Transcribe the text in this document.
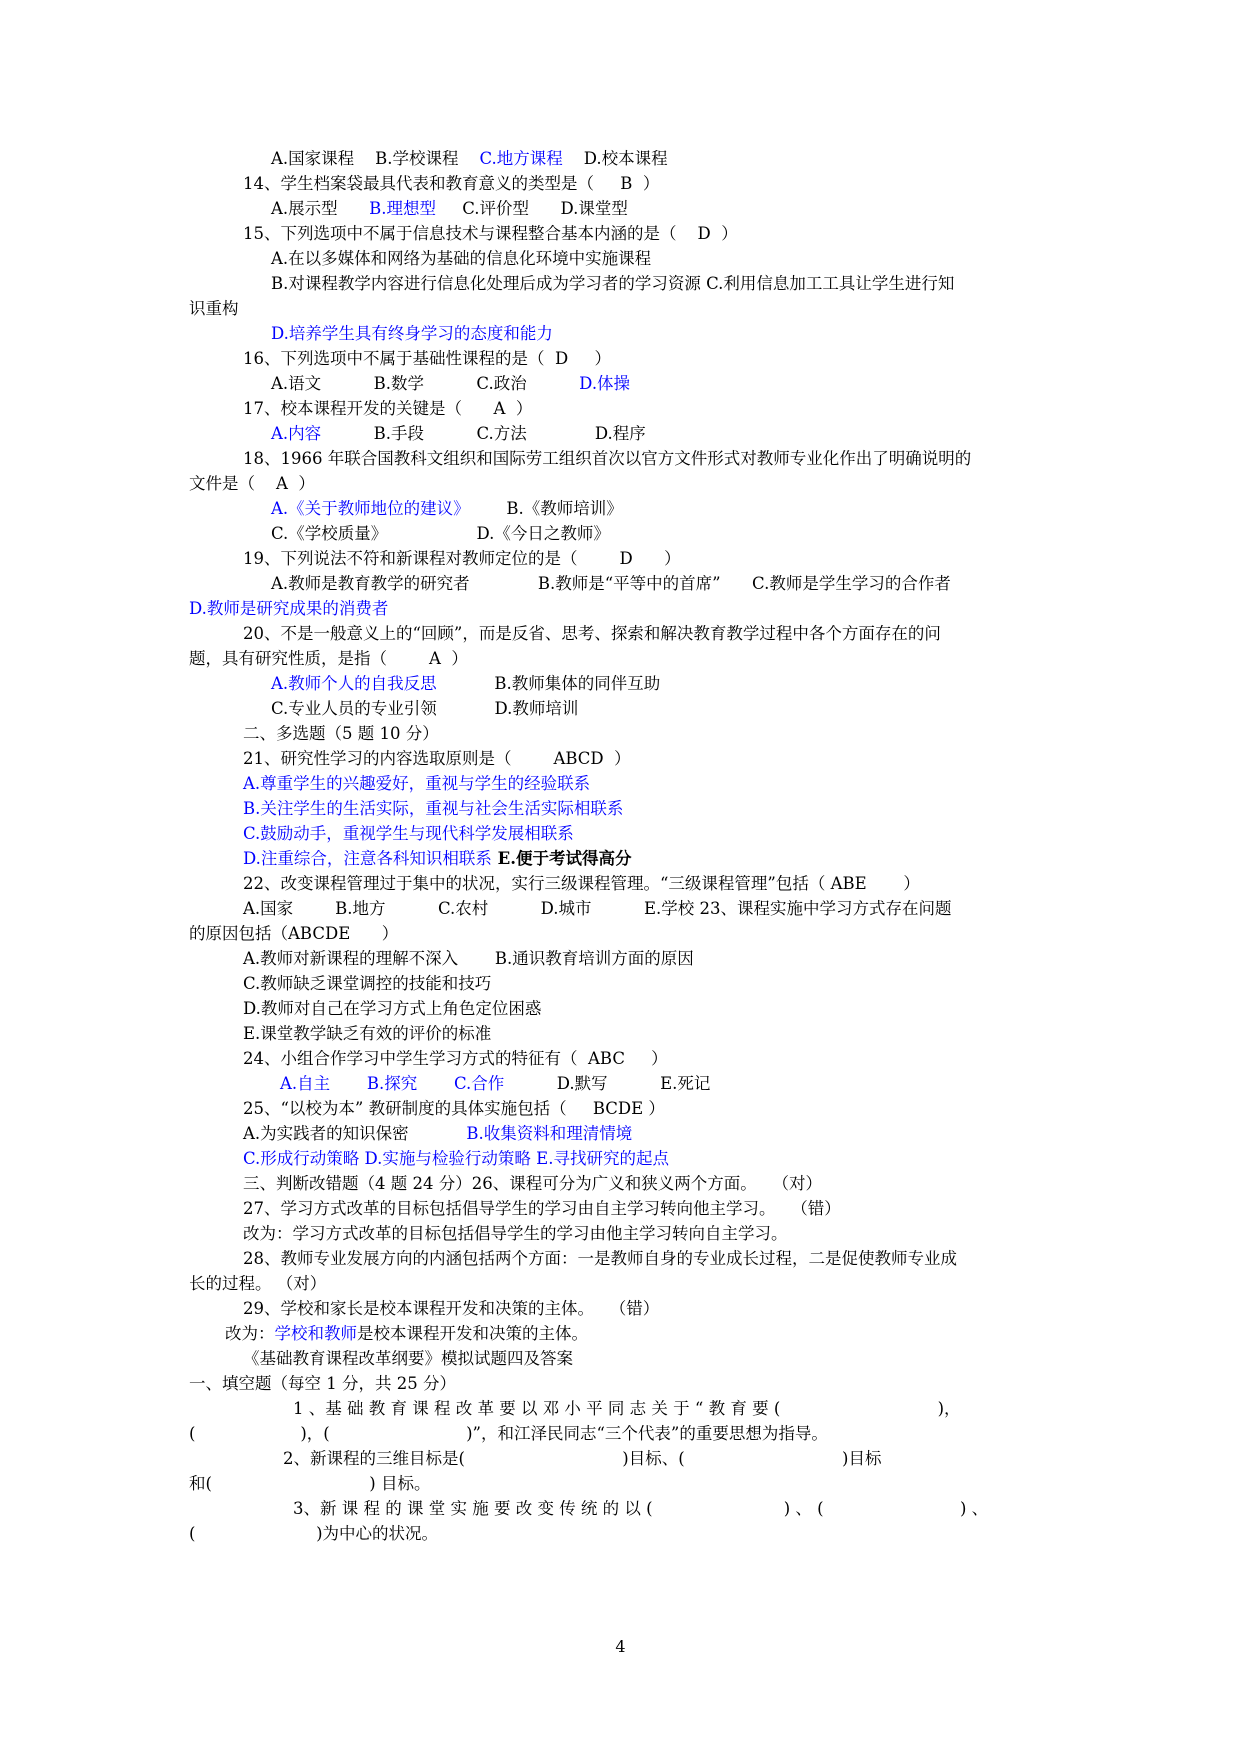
A.国家课程    B.学校课程    C.地方课程    D.校本课程
14、学生档案袋最具代表和教育意义的类型是（     B  ）
A.展示型      B.理想型     C.评价型      D.课堂型
15、下列选项中不属于信息技术与课程整合基本内涵的是（    D  ）
A.在以多媒体和网络为基础的信息化环境中实施课程
B.对课程教学内容进行信息化处理后成为学习者的学习资源 C.利用信息加工工具让学生进行知
识重构
D.培养学生具有终身学习的态度和能力
16、下列选项中不属于基础性课程的是（  D     ）
A.语文          B.数学          C.政治          D.体操
17、校本课程开发的关键是（      A  ）
A.内容          B.手段          C.方法             D.程序
18、1966 年联合国教科文组织和国际劳工组织首次以官方文件形式对教师专业化作出了明确说明的
文件是（    A  ）
A.《关于教师地位的建议》       B.《教师培训》
C.《学校质量》                 D.《今日之教师》
19、下列说法不符和新课程对教师定位的是（        D      ）
A.教师是教育教学的研究者             B.教师是“平等中的首席”      C.教师是学生学习的合作者
D.教师是研究成果的消费者
20、不是一般意义上的“回顾”，而是反省、思考、探索和解决教育教学过程中各个方面存在的问
题，具有研究性质，是指（        A  ）
A.教师个人的自我反思           B.教师集体的同伴互助
C.专业人员的专业引领           D.教师培训
二、多选题（5 题 10 分）
21、研究性学习的内容选取原则是（        ABCD  ）
A.尊重学生的兴趣爱好，重视与学生的经验联系
B.关注学生的生活实际，重视与社会生活实际相联系
C.鼓励动手，重视学生与现代科学发展相联系
D.注重综合，注意各科知识相联系 E.便于考试得高分
22、改变课程管理过于集中的状况，实行三级课程管理。“三级课程管理”包括（ ABE       ）
A.国家        B.地方          C.农村          D.城市          E.学校 23、课程实施中学习方式存在问题
的原因包括（ABCDE      ）
A.教师对新课程的理解不深入       B.通识教育培训方面的原因
C.教师缺乏课堂调控的技能和技巧
D.教师对自己在学习方式上角色定位困惑
E.课堂教学缺乏有效的评价的标准
24、小组合作学习中学生学习方式的特征有（  ABC     ）
A.自主 B.探究 C.合作          D.默写          E.死记
25、“以校为本” 教研制度的具体实施包括（     BCDE ）
A.为实践者的知识保密           B.收集资料和理清情境
C.形成行动策略 D.实施与检验行动策略 E.寻找研究的起点
三、判断改错题（4 题 24 分）26、课程可分为广义和狭义两个方面。   （对）
27、学习方式改革的目标包括倡导学生的学习由自主学习转向他主学习。   （错）
改为：学习方式改革的目标包括倡导学生的学习由他主学习转向自主学习。
28、教师专业发展方向的内涵包括两个方面：一是教师自身的专业成长过程，二是促使教师专业成
长的过程。 （对）
29、学校和家长是校本课程开发和决策的主体。   （错）
改为：学校和教师是校本课程开发和决策的主体。
《基础教育课程改革纲要》模拟试题四及答案
一、填空题（每空 1 分，共 25 分）
1 、基 础 教 育 课 程 改 革 要 以 邓 小 平 同 志 关 于 “ 教 育 要 (                              )，
(                    )，(                          )”，和江泽民同志“三个代表”的重要思想为指导。
2、新课程的三维目标是(                              )目标、(                              )目标
和(                              ) 目标。
3、新 课 程 的 课 堂 实 施 要 改 变 传 统 的 以 (                         ) 、 (                          ) 、
(                       )为中心的状况。
4
